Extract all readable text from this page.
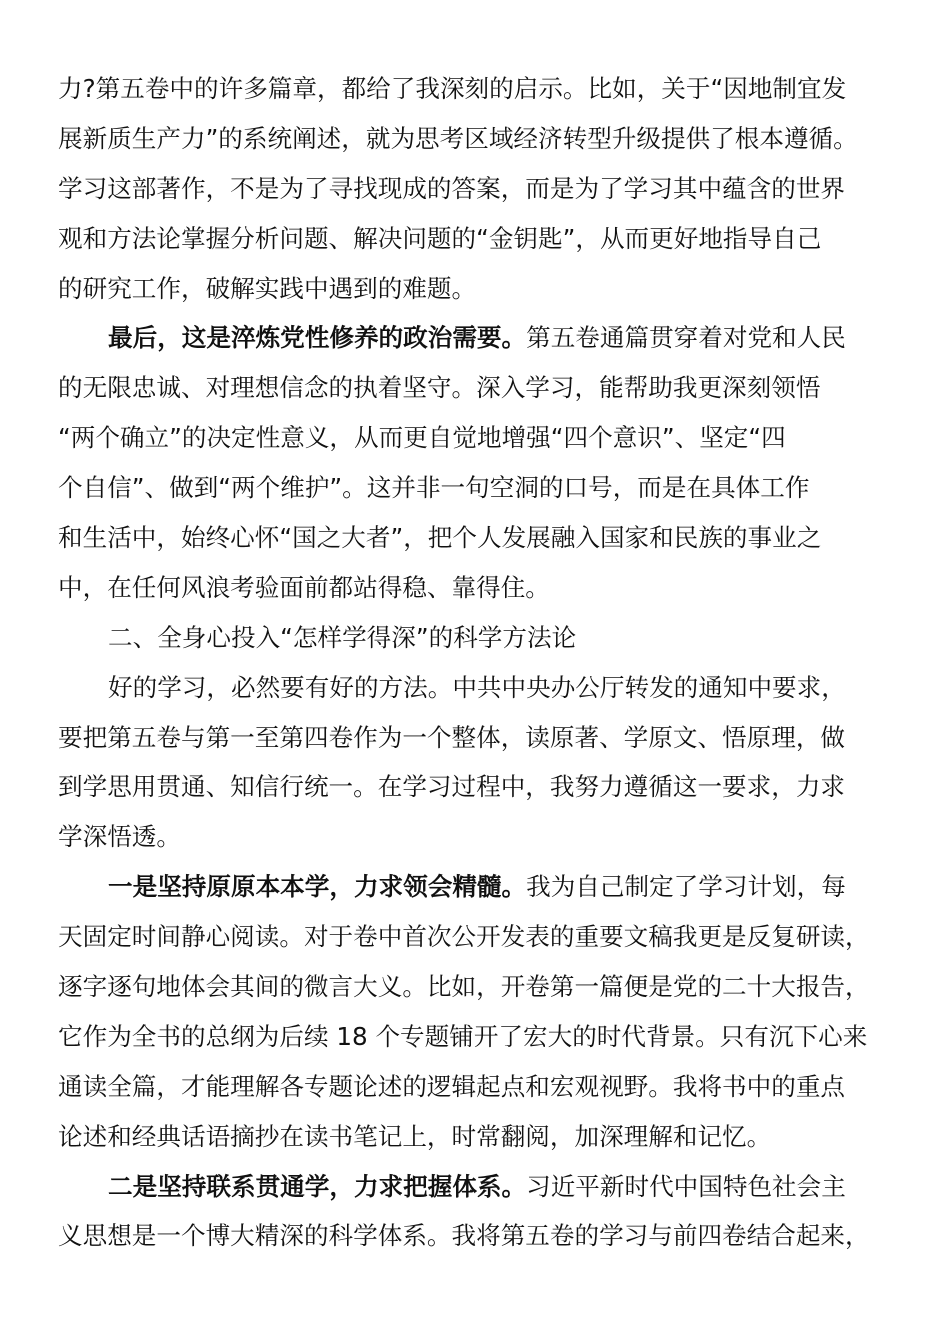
力?第五卷中的许多篇章，都给了我深刻的启示。比如，关于“因地制宜发
展新质生产力”的系统阐述，就为思考区域经济转型升级提供了根本遵循。
学习这部著作，不是为了寻找现成的答案，而是为了学习其中蕴含的世界
观和方法论掌握分析问题、解决问题的“金钥匙”，从而更好地指导自己
的研究工作，破解实践中遇到的难题。
最后，这是淬炼党性修养的政治需要。第五卷通篇贯穿着对党和人民
的无限忠诚、对理想信念的执着坚守。深入学习，能帮助我更深刻领悟
“两个确立”的决定性意义，从而更自觉地增强“四个意识”、坚定“四
个自信”、做到“两个维护”。这并非一句空洞的口号，而是在具体工作
和生活中，始终心怀“国之大者”，把个人发展融入国家和民族的事业之
中，在任何风浪考验面前都站得稳、靠得住。
二、全身心投入“怎样学得深”的科学方法论
好的学习，必然要有好的方法。中共中央办公厅转发的通知中要求，
要把第五卷与第一至第四卷作为一个整体，读原著、学原文、悟原理，做
到学思用贯通、知信行统一。在学习过程中，我努力遵循这一要求，力求
学深悟透。
一是坚持原原本本学，力求领会精髓。我为自己制定了学习计划，每
天固定时间静心阅读。对于卷中首次公开发表的重要文稿我更是反复研读，
逐字逐句地体会其间的微言大义。比如，开卷第一篇便是党的二十大报告，
它作为全书的总纲为后续 18 个专题铺开了宏大的时代背景。只有沉下心来
通读全篇，才能理解各专题论述的逻辑起点和宏观视野。我将书中的重点
论述和经典话语摘抄在读书笔记上，时常翻阅，加深理解和记忆。
二是坚持联系贯通学，力求把握体系。习近平新时代中国特色社会主
义思想是一个博大精深的科学体系。我将第五卷的学习与前四卷结合起来，
